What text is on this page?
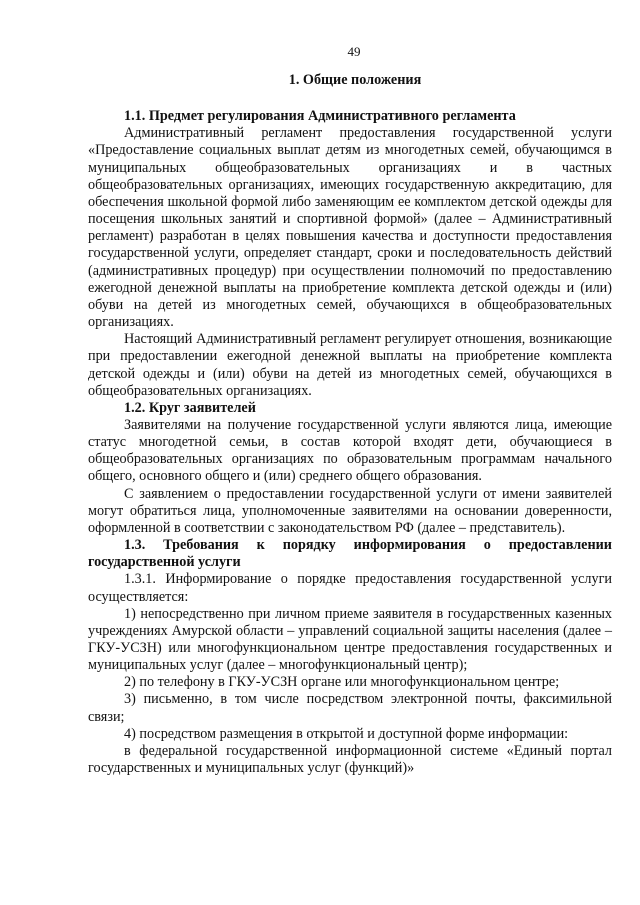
49
1. Общие положения
1.1. Предмет регулирования Административного регламента

Административный регламент предоставления государственной услуги «Предоставление социальных выплат детям из многодетных семей, обучающимся в муниципальных общеобразовательных организациях и в частных общеобразовательных организациях, имеющих государственную аккредитацию, для обеспечения школьной формой либо заменяющим ее комплектом детской одежды для посещения школьных занятий и спортивной формой» (далее – Административный регламент) разработан в целях повышения качества и доступности предоставления государственной услуги, определяет стандарт, сроки и последовательность действий (административных процедур) при осуществлении полномочий по предоставлению ежегодной денежной выплаты на приобретение комплекта детской одежды и (или) обуви на детей из многодетных семей, обучающихся в общеобразовательных организациях.

Настоящий Административный регламент регулирует отношения, возникающие при предоставлении ежегодной денежной выплаты на приобретение комплекта детской одежды и (или) обуви на детей из многодетных семей, обучающихся в общеобразовательных организациях.

1.2. Круг заявителей

Заявителями на получение государственной услуги являются лица, имеющие статус многодетной семьи, в состав которой входят дети, обучающиеся в общеобразовательных организациях по образовательным программам начального общего, основного общего и (или) среднего общего образования.

С заявлением о предоставлении государственной услуги от имени заявителей могут обратиться лица, уполномоченные заявителями на основании доверенности, оформленной в соответствии с законодательством РФ (далее – представитель).

1.3. Требования к порядку информирования о предоставлении государственной услуги

1.3.1. Информирование о порядке предоставления государственной услуги осуществляется:

1) непосредственно при личном приеме заявителя в государственных казенных учреждениях Амурской области – управлений социальной защиты населения (далее – ГКУ-УСЗН) или многофункциональном центре предоставления государственных и муниципальных услуг (далее – многофункциональный центр);

2) по телефону в ГКУ-УСЗН органе или многофункциональном центре;

3) письменно, в том числе посредством электронной почты, факсимильной связи;

4) посредством размещения в открытой и доступной форме информации:

в федеральной государственной информационной системе «Единый портал государственных и муниципальных услуг (функций)»
